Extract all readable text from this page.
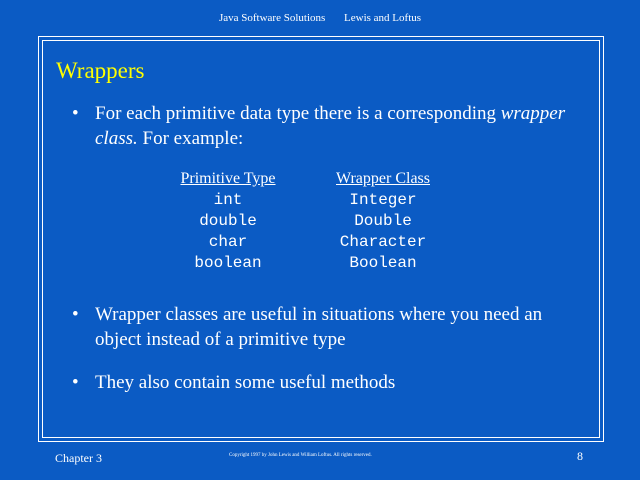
Java Software Solutions Lewis and Loftus
Wrappers
• For each primitive data type there is a corresponding wrapper class. For example:
Primitive Type
int
double
char
boolean
Wrapper Class
Integer
Double
Character
Boolean
• Wrapper classes are useful in situations where you need an object instead of a primitive type
• They also contain some useful methods
Chapter 3	Copyright 1997 by John Lewis and William Loftus. All rights reserved.	8
